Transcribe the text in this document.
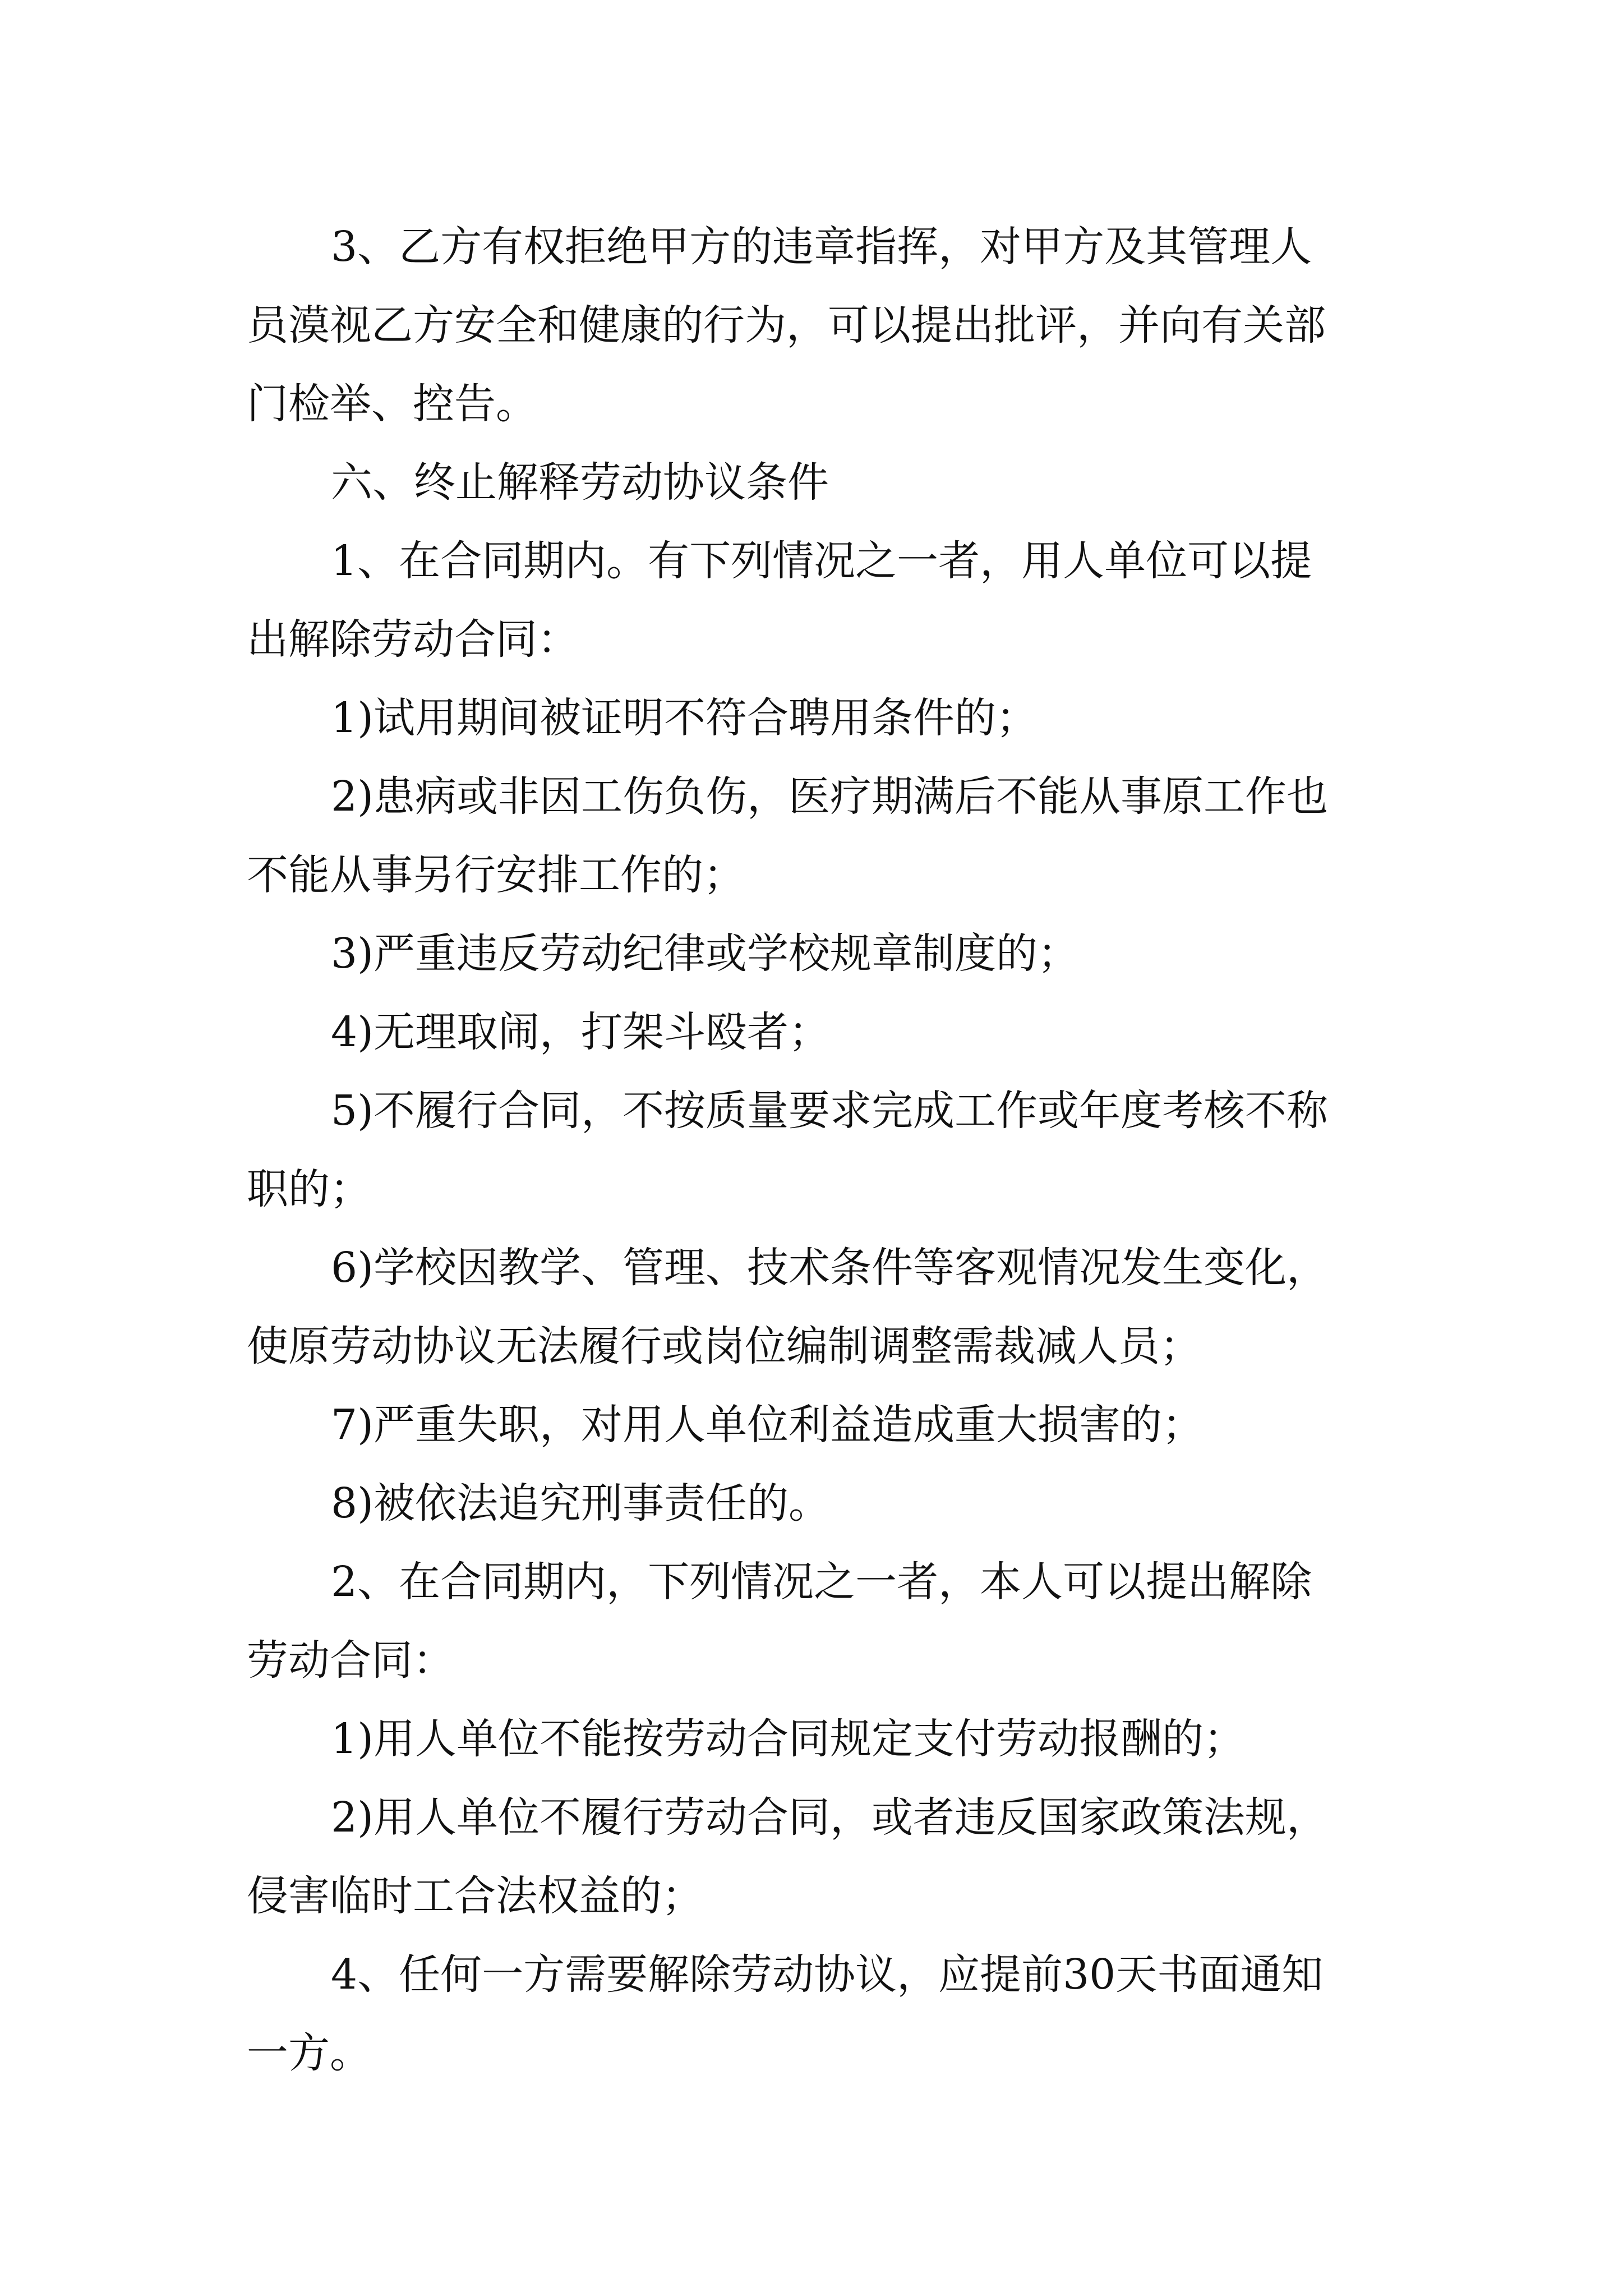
3、乙方有权拒绝甲方的违章指挥，对甲方及其管理人
员漠视乙方安全和健康的行为，可以提出批评，并向有关部
门检举、控告。
六、终止解释劳动协议条件
1、在合同期内。有下列情况之一者，用人单位可以提
出解除劳动合同：
1)试用期间被证明不符合聘用条件的；
2)患病或非因工伤负伤，医疗期满后不能从事原工作也
不能从事另行安排工作的；
3)严重违反劳动纪律或学校规章制度的；
4)无理取闹，打架斗殴者；
5)不履行合同，不按质量要求完成工作或年度考核不称
职的；
6)学校因教学、管理、技术条件等客观情况发生变化，
使原劳动协议无法履行或岗位编制调整需裁减人员；
7)严重失职，对用人单位利益造成重大损害的；
8)被依法追究刑事责任的。
2、在合同期内，下列情况之一者，本人可以提出解除
劳动合同：
1)用人单位不能按劳动合同规定支付劳动报酬的；
2)用人单位不履行劳动合同，或者违反国家政策法规，
侵害临时工合法权益的；
4、任何一方需要解除劳动协议，应提前30天书面通知
一方。
